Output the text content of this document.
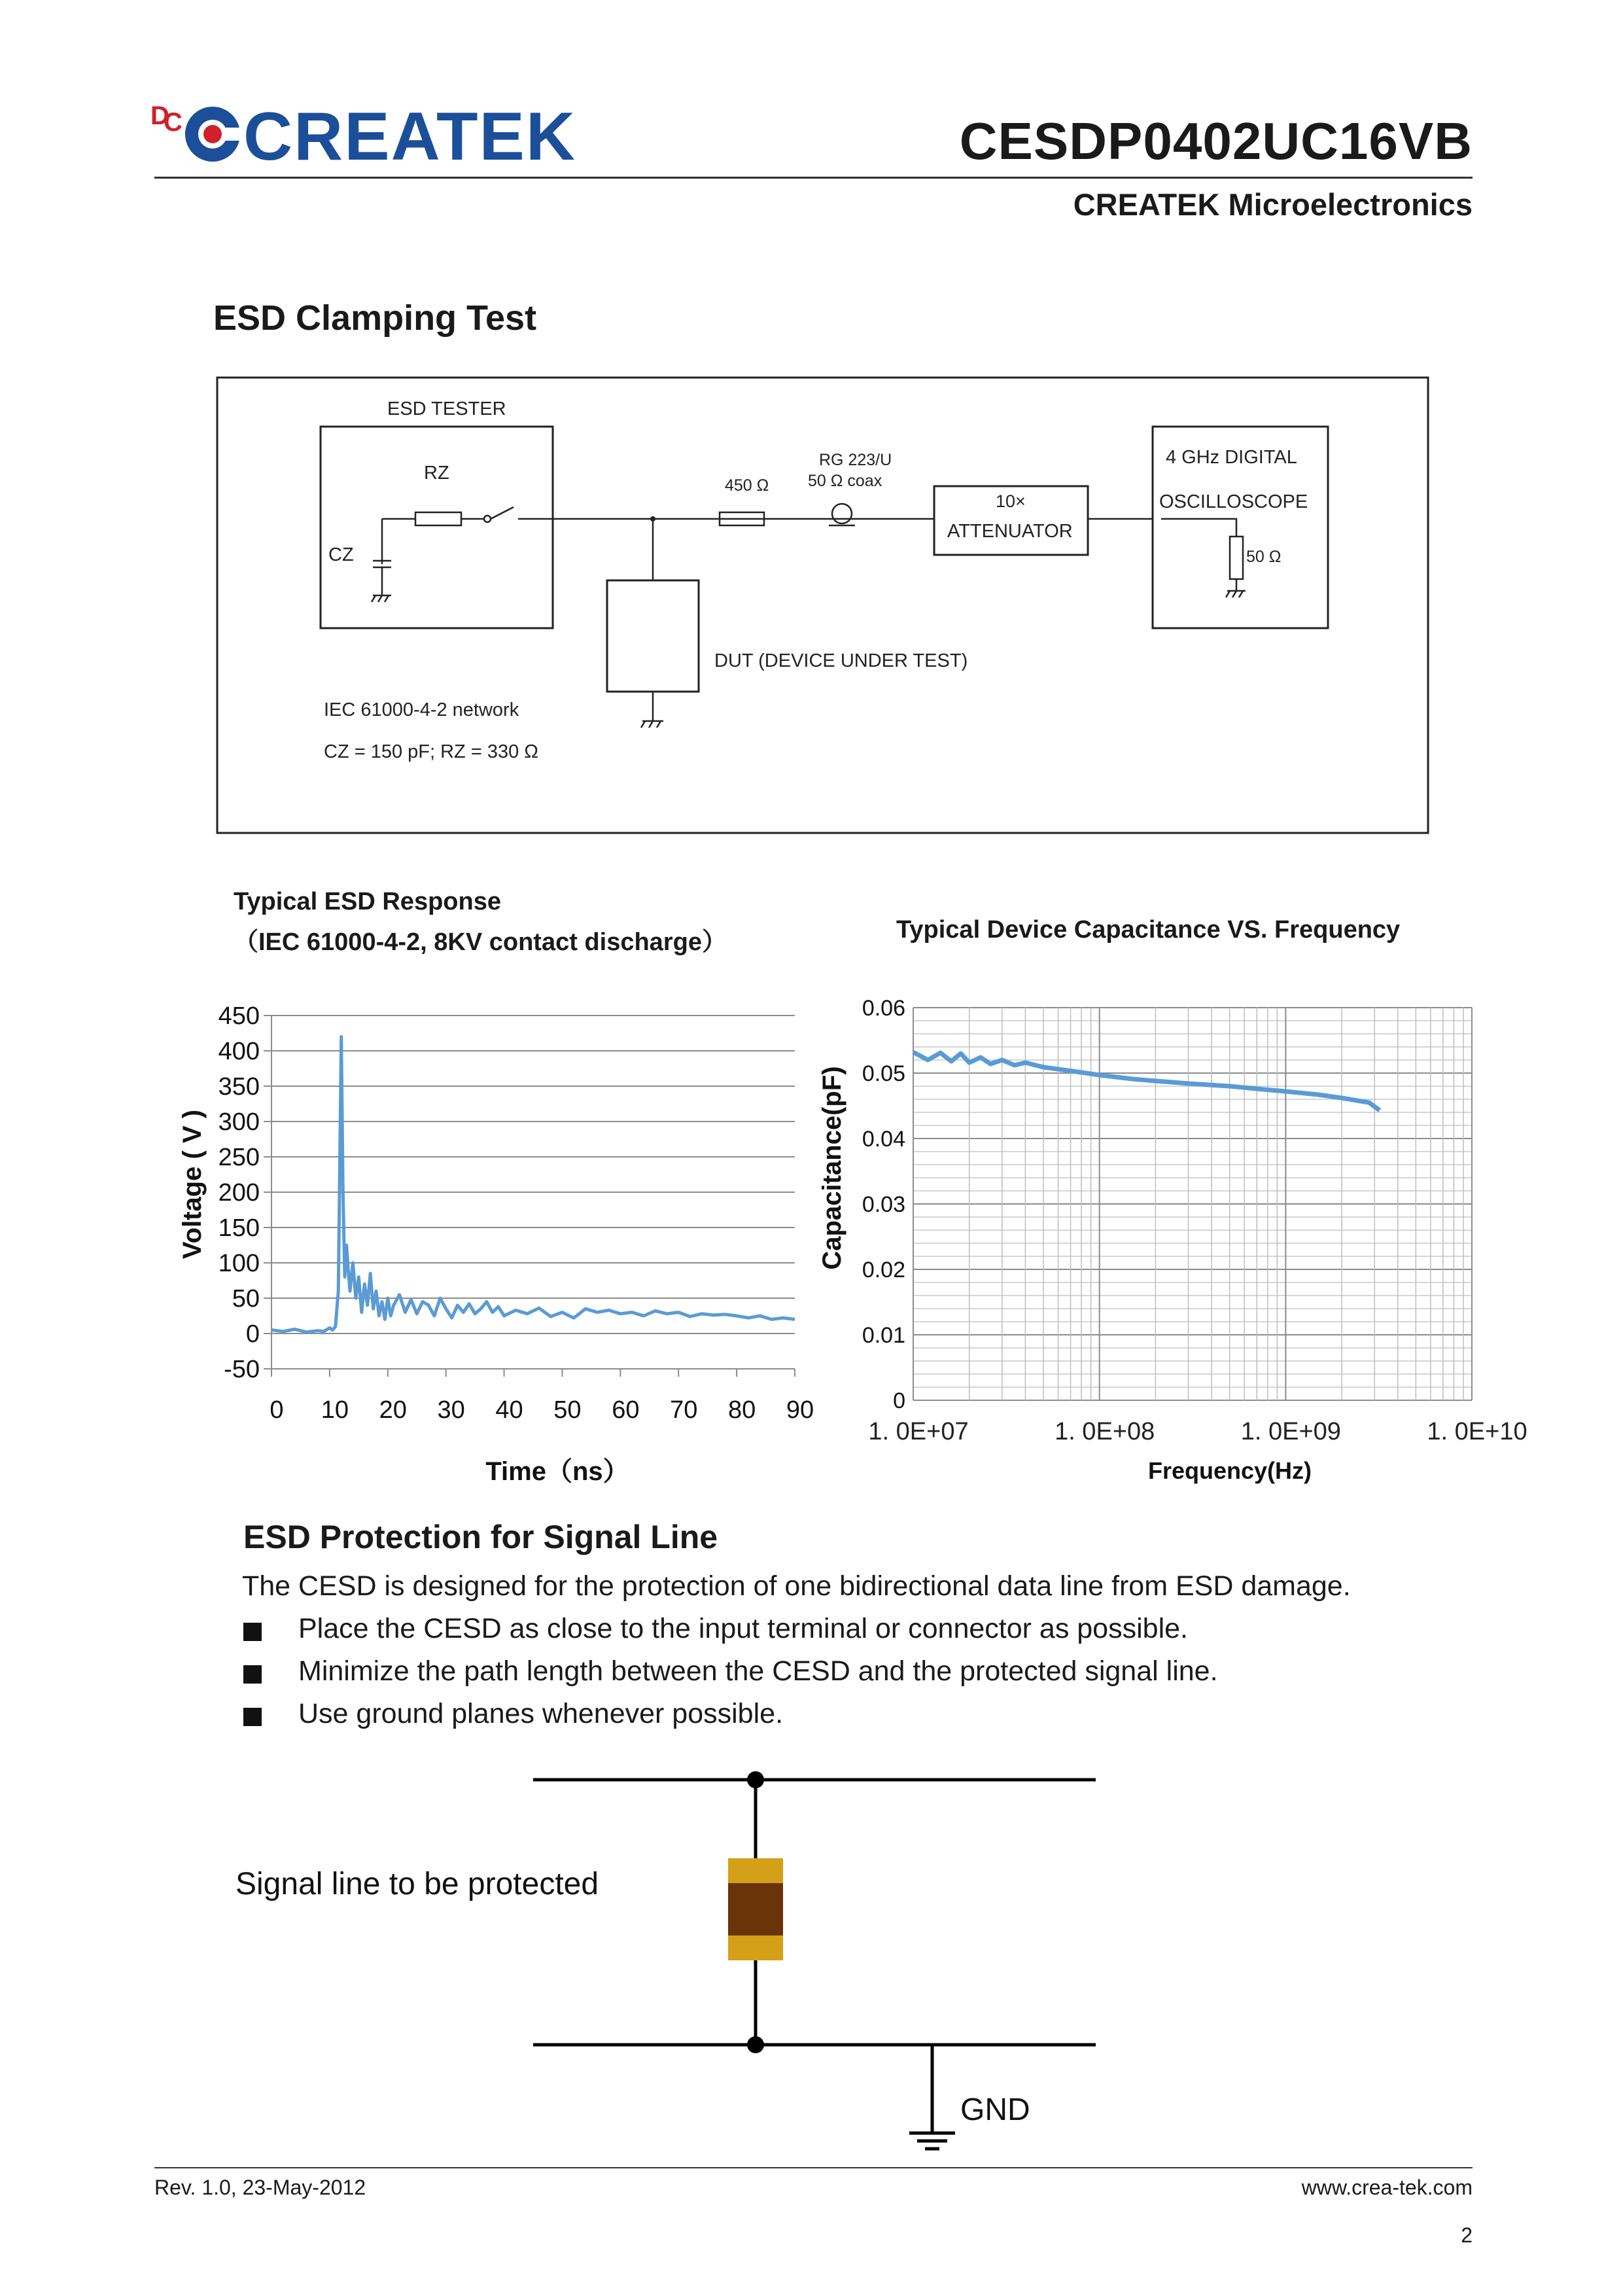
D
C CREATEK	CESDP0402UC16VB
CREATEK Microelectronics
ESD Clamping Test
ESD TESTER
RZ
CZ
450 Ω
RG 223/U
50 Ω coax
10×
ATTENUATOR
4 GHz DIGITAL
OSCILLOSCOPE
50 Ω
DUT (DEVICE UNDER TEST)
IEC 61000-4-2 network
CZ = 150 pF; RZ = 330 Ω
Typical ESD Response
（IEC 61000-4-2, 8KV contact discharge）
450
400
350
300
250
200
150
100
50
0
-50
0 10 20 30 40 50 60 70 80 90
Voltage ( V )
Time（ns）
Typical Device Capacitance VS. Frequency
0.06
0.05
0.04
0.03
0.02
0.01
0
1. 0E+07	1. 0E+08	1. 0E+09	1. 0E+10
Capacitance(pF)
Frequency(Hz)
ESD Protection for Signal Line
The CESD is designed for the protection of one bidirectional data line from ESD damage.
Place the CESD as close to the input terminal or connector as possible.
Minimize the path length between the CESD and the protected signal line.
Use ground planes whenever possible.
Signal line to be protected
GND
Rev. 1.0, 23-May-2012	www.crea-tek.com
2
